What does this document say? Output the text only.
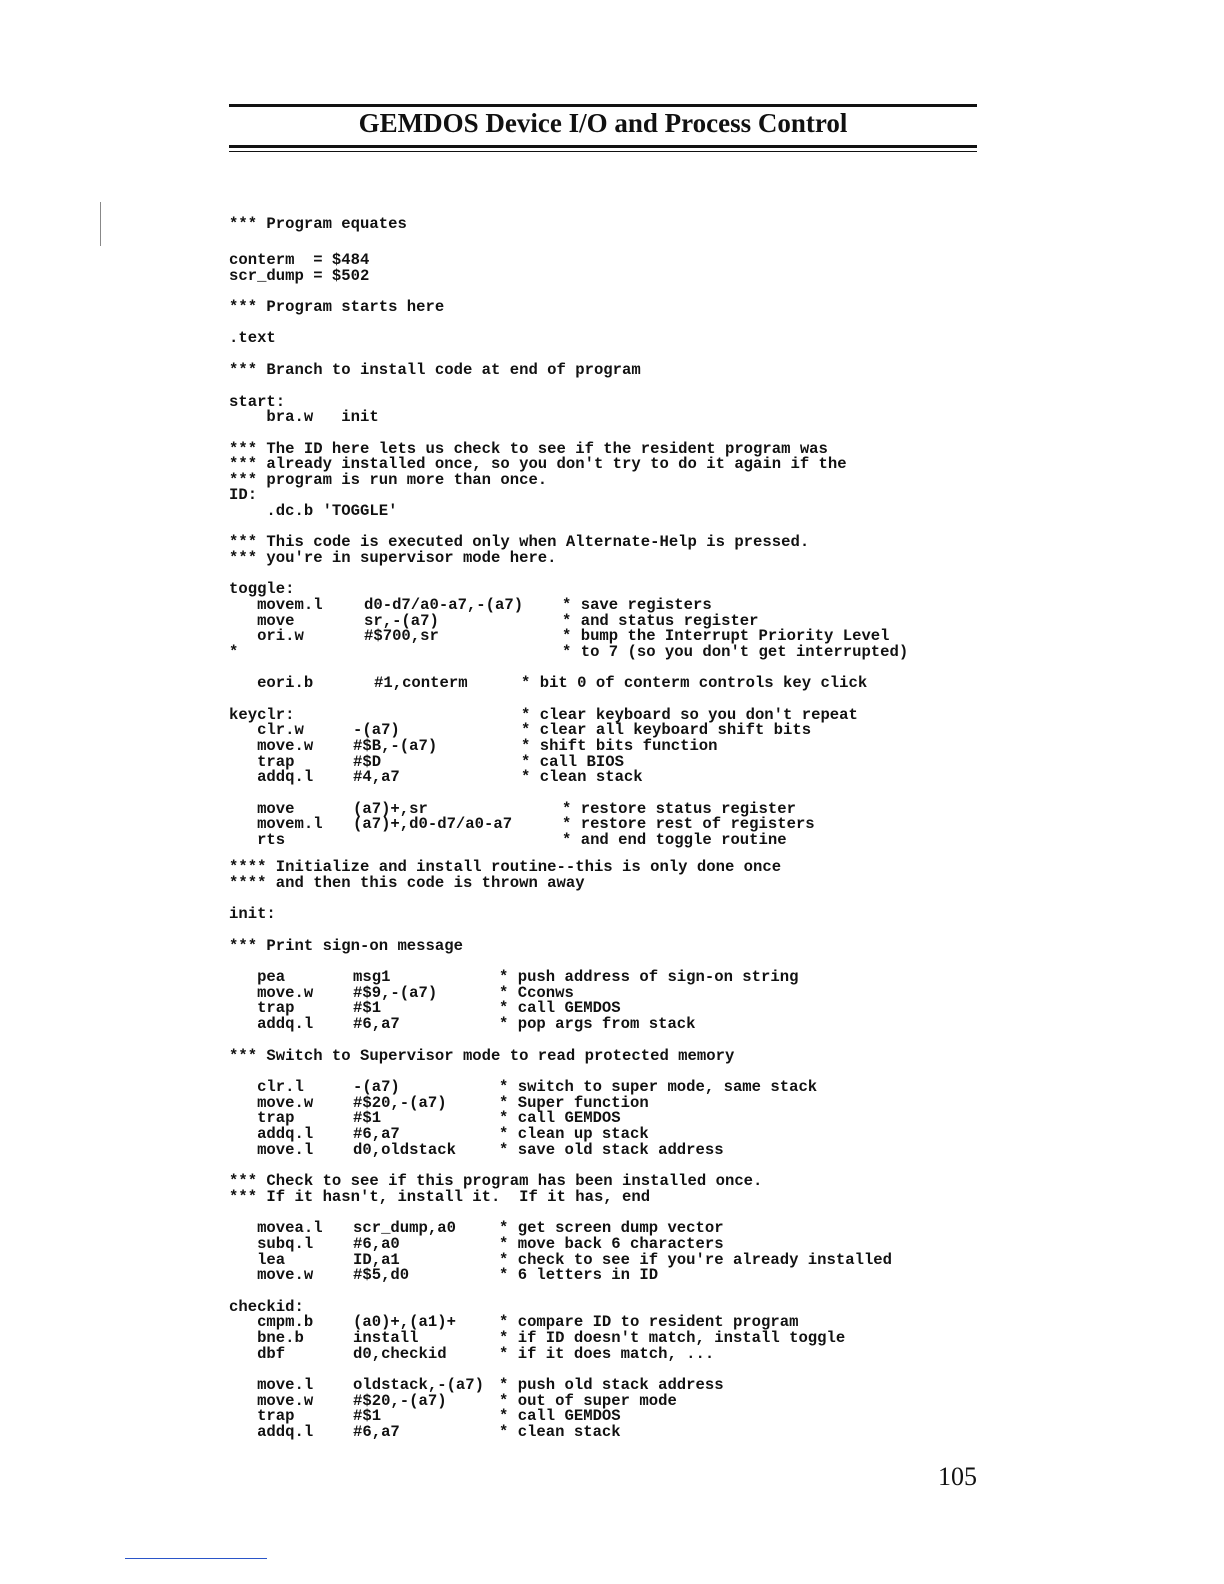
GEMDOS Device I/O and Process Control
*** Program equates
conterm  = $484
scr_dump = $502
*** Program starts here
.text
*** Branch to install code at end of program
start:
bra.w   init
*** The ID here lets us check to see if the resident program was
*** already installed once, so you don't try to do it again if the
*** program is run more than once.
ID:
.dc.b 'TOGGLE'
*** This code is executed only when Alternate-Help is pressed.
*** you're in supervisor mode here.
toggle:
movem.l	d0-d7/a0-a7,-(a7) * save registers
move	sr,-(a7)	* and status register
ori.w	#$700,sr	* bump the Interrupt Priority Level
*	* to 7 (so you don't get interrupted)
eori.b	#1,conterm	* bit 0 of conterm controls key click
keyclr:	* clear keyboard so you don't repeat
clr.w	-(a7)	* clear all keyboard shift bits
move.w	#$B,-(a7)	* shift bits function
trap	#$D	* call BIOS
addq.l	#4,a7	* clean stack
move	(a7)+,sr	* restore status register
movem.l (a7)+,d0-d7/a0-a7	* restore rest of registers
rts	* and end toggle routine
**** Initialize and install routine--this is only done once
**** and then this code is thrown away
init:
*** Print sign-on message
pea	msg1	* push address of sign-on string
move.w	#$9,-(a7)	* Cconws
trap	#$1	* call GEMDOS
addq.l	#6,a7	* pop args from stack
*** Switch to Supervisor mode to read protected memory
clr.l	-(a7)	* switch to super mode, same stack
move.w	#$20,-(a7)	* Super function
trap	#$1	* call GEMDOS
addq.l	#6,a7	* clean up stack
move.l	d0,oldstack	* save old stack address
*** Check to see if this program has been installed once.
*** If it hasn't, install it.  If it has, end
movea.l scr_dump,a0	* get screen dump vector
subq.l	#6,a0	* move back 6 characters
lea	ID,a1	* check to see if you're already installed
move.w	#$5,d0	* 6 letters in ID
checkid:
cmpm.b	(a0)+,(a1)+	* compare ID to resident program
bne.b	install	* if ID doesn't match, install toggle
dbf	d0,checkid	* if it does match, ...
move.l	oldstack,-(a7) * push old stack address
move.w	#$20,-(a7)	* out of super mode
trap	#$1	* call GEMDOS
addq.l	#6,a7	* clean stack
105
